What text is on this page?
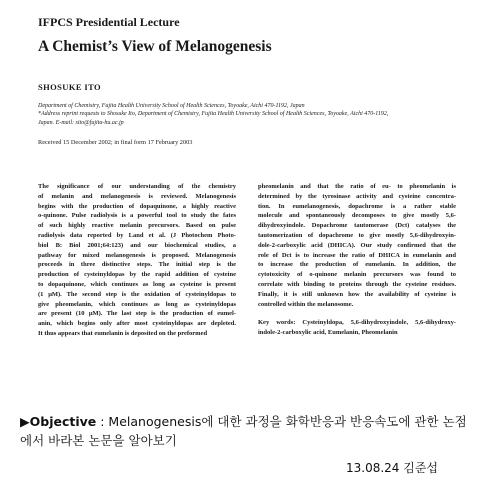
IFPCS Presidential Lecture
A Chemist’s View of Melanogenesis
SHOSUKE ITO
Department of Chemistry, Fujita Health University School of Health Sciences, Toyoake, Aichi 470-1192, Japan
*Address reprint requests to Shosuke Ito, Department of Chemistry, Fujita Health University School of Health Sciences, Toyoake, Aichi 470-1192,
Japan. E-mail: sito@fujita-hu.ac.jp
Received 15 December 2002; in final form 17 February 2003
The significance of our understanding of the chemistry
of melanin and melanogenesis is reviewed. Melanogenesis
begins with the production of dopaquinone, a highly reactive
o-quinone. Pulse radiolysis is a powerful tool to study the fates
of such highly reactive melanin precursors. Based on pulse
radiolysis data reported by Land et al. (J Photochem Photo-
biol B: Biol 2001;64:123) and our biochemical studies, a
pathway for mixed melanogenesis is proposed. Melanogenesis
proceeds in three distinctive steps. The initial step is the
production of cysteinyldopas by the rapid addition of cysteine
to dopaquinone, which continues as long as cysteine is present
(1 μM). The second step is the oxidation of cysteinyldopas to
give pheomelanin, which continues as long as cysteinyldopas
are present (10 μM). The last step is the production of eumel-
anin, which begins only after most cysteinyldopas are depleted.
It thus appears that eumelanin is deposited on the preformed
pheomelanin and that the ratio of eu- to pheomelanin is
determined by the tyrosinase activity and cysteine concentra-
tion. In eumelanogenesis, dopachrome is a rather stable
molecule and spontaneously decomposes to give mostly 5,6-
dihydroxyindole. Dopachrome tautomerase (Dct) catalyses the
tautomerization of dopachrome to give mostly 5,6-dihydroxyin-
dole-2-carboxylic acid (DHICA). Our study confirmed that the
role of Dct is to increase the ratio of DHICA in eumelanin and
to increase the production of eumelanin. In addition, the
cytotoxicity of o-quinone melanin precursors was found to
correlate with binding to proteins through the cysteine residues.
Finally, it is still unknown how the availability of cysteine is
controlled within the melanosome.
Key words: Cysteinyldopa, 5,6-dihydroxyindole, 5,6-dihydroxy-
indole-2-carboxylic acid, Eumelanin, Pheomelanin
▶Objective : Melanogenesis에 대한 과정을 화학반응과 반응속도에 관한 논점
에서 바라본 논문을 알아보기
13.08.24 김준섭
